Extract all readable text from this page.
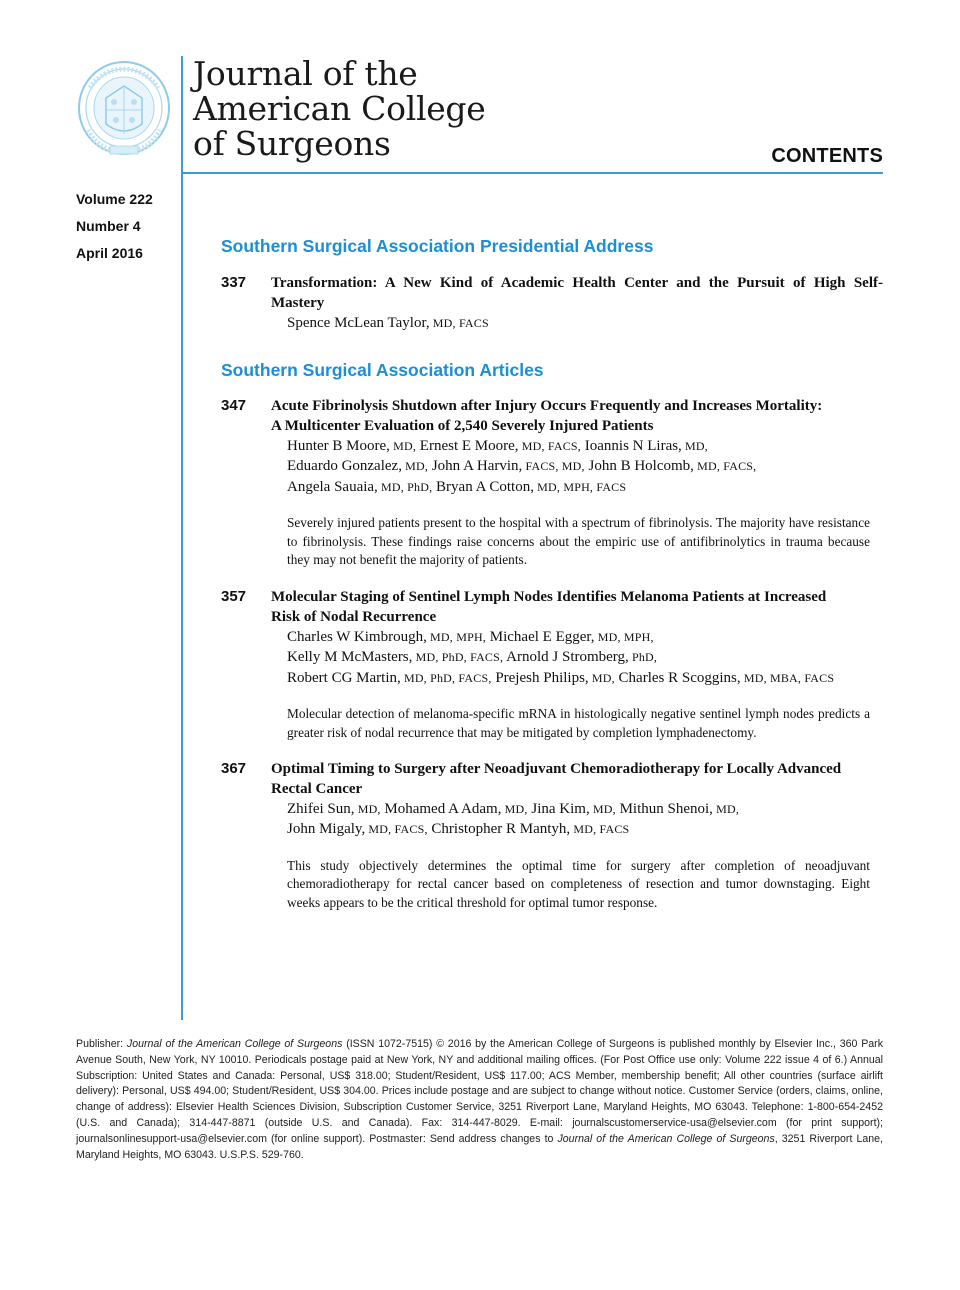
Journal of the
American College
of Surgeons	CONTENTS
Volume 222
Number 4
April 2016	Southern Surgical Association Presidential Address
337 Transformation: A New Kind of Academic Health Center and the Pursuit of High Self-
Mastery
Spence McLean Taylor, MD, FACS
Southern Surgical Association Articles
347 Acute Fibrinolysis Shutdown after Injury Occurs Frequently and Increases Mortality:
A Multicenter Evaluation of 2,540 Severely Injured Patients
Hunter B Moore, MD, Ernest E Moore, MD, FACS, Ioannis N Liras, MD,
Eduardo Gonzalez, MD, John A Harvin, FACS, MD, John B Holcomb, MD, FACS,
Angela Sauaia, MD, PhD, Bryan A Cotton, MD, MPH, FACS
Severely injured patients present to the hospital with a spectrum of fibrinolysis. The majority have resistance to fibrinolysis. These findings raise concerns about the empiric use of antifibrinolytics in trauma because they may not benefit the majority of patients.
357 Molecular Staging of Sentinel Lymph Nodes Identifies Melanoma Patients at Increased
Risk of Nodal Recurrence
Charles W Kimbrough, MD, MPH, Michael E Egger, MD, MPH,
Kelly M McMasters, MD, PhD, FACS, Arnold J Stromberg, PhD,
Robert CG Martin, MD, PhD, FACS, Prejesh Philips, MD, Charles R Scoggins, MD, MBA, FACS
Molecular detection of melanoma-specific mRNA in histologically negative sentinel lymph nodes predicts a greater risk of nodal recurrence that may be mitigated by completion lymphadenectomy.
367 Optimal Timing to Surgery after Neoadjuvant Chemoradiotherapy for Locally Advanced
Rectal Cancer
Zhifei Sun, MD, Mohamed A Adam, MD, Jina Kim, MD, Mithun Shenoi, MD,
John Migaly, MD, FACS, Christopher R Mantyh, MD, FACS
This study objectively determines the optimal time for surgery after completion of neoadjuvant chemoradiotherapy for rectal cancer based on completeness of resection and tumor downstaging. Eight weeks appears to be the critical threshold for optimal tumor response.
Publisher: Journal of the American College of Surgeons (ISSN 1072-7515) © 2016 by the American College of Surgeons is published monthly by Elsevier Inc., 360 Park Avenue South, New York, NY 10010. Periodicals postage paid at New York, NY and additional mailing offices. (For Post Office use only: Volume 222 issue 4 of 6.) Annual Subscription: United States and Canada: Personal, US$ 318.00; Student/Resident, US$ 117.00; ACS Member, membership benefit; All other countries (surface airlift delivery): Personal, US$ 494.00; Student/Resident, US$ 304.00. Prices include postage and are subject to change without notice. Customer Service (orders, claims, online, change of address): Elsevier Health Sciences Division, Subscription Customer Service, 3251 Riverport Lane, Maryland Heights, MO 63043. Telephone: 1-800-654-2452 (U.S. and Canada); 314-447-8871 (outside U.S. and Canada). Fax: 314-447-8029. E-mail: journalscustomerservice-usa@elsevier.com (for print support); journalsonlinesupport-usa@elsevier.com (for online support). Postmaster: Send address changes to Journal of the American College of Surgeons, 3251 Riverport Lane, Maryland Heights, MO 63043. U.S.P.S. 529-760.
